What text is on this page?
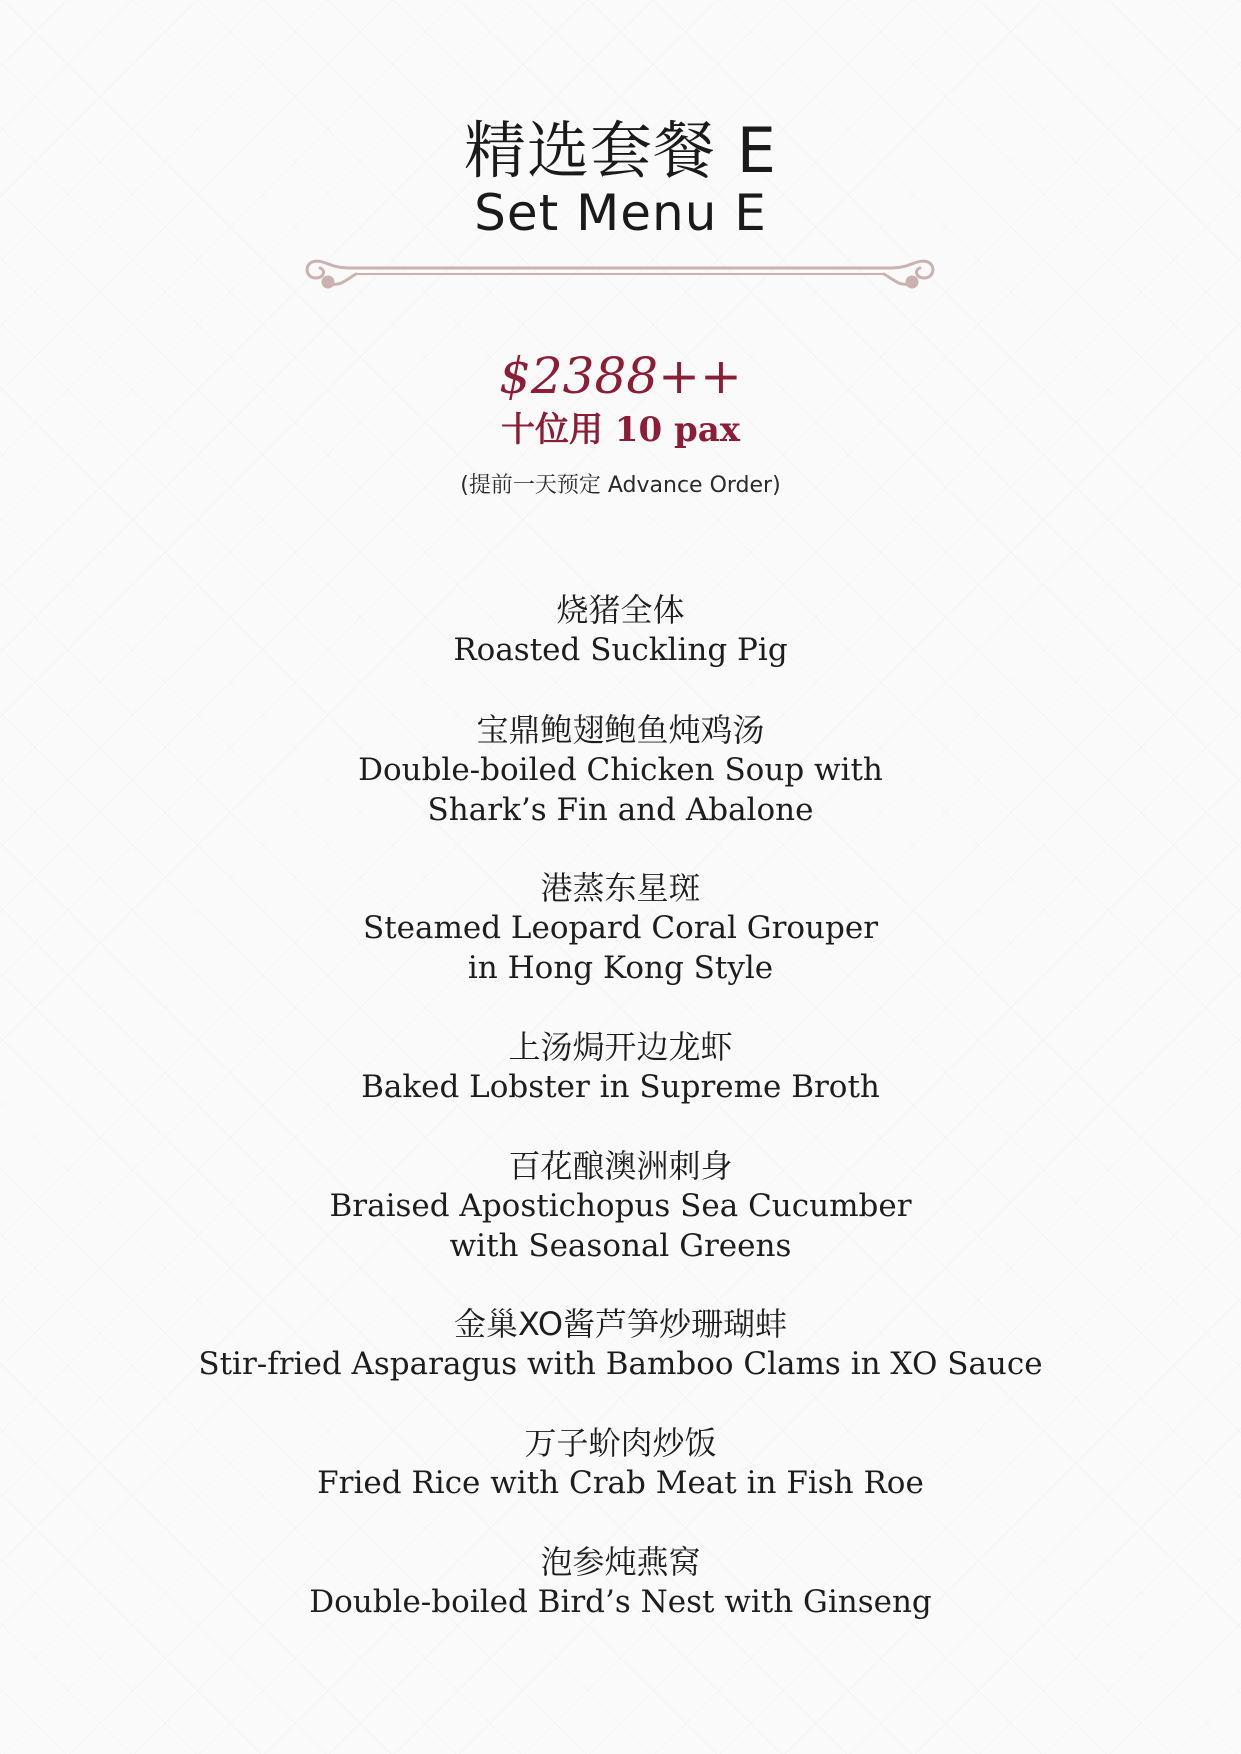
精选套餐 E
Set Menu E
$2388++
十位用 10 pax
(提前一天预定 Advance Order)
烧猪全体
Roasted Suckling Pig
宝鼎鲍翅鲍鱼炖鸡汤
Double-boiled Chicken Soup with
Shark’s Fin and Abalone
港蒸东星斑
Steamed Leopard Coral Grouper
in Hong Kong Style
上汤焗开边龙虾
Baked Lobster in Supreme Broth
百花酿澳洲刺身
Braised Apostichopus Sea Cucumber
with Seasonal Greens
金巢XO酱芦笋炒珊瑚蚌
Stir-fried Asparagus with Bamboo Clams in XO Sauce
万子蚧肉炒饭
Fried Rice with Crab Meat in Fish Roe
泡参炖燕窝
Double-boiled Bird’s Nest with Ginseng
